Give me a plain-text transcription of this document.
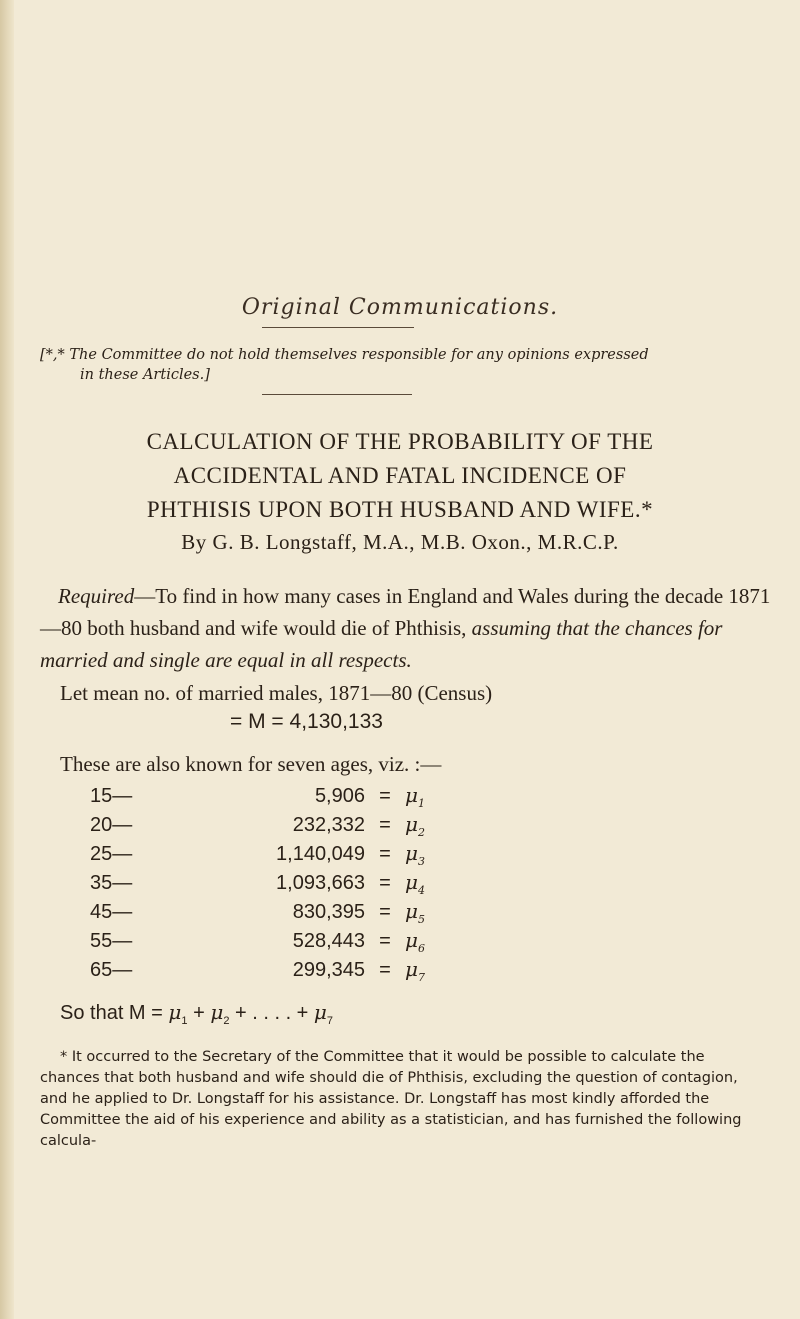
Original Communications.
[*,* The Committee do not hold themselves responsible for any opinions expressed
in these Articles.]
CALCULATION OF THE PROBABILITY OF THE
ACCIDENTAL AND FATAL INCIDENCE OF
PHTHISIS UPON BOTH HUSBAND AND WIFE.*
By G. B. Longstaff, M.A., M.B. Oxon., M.R.C.P.
Required—To find in how many cases in England and Wales during the decade 1871—80 both husband and wife would die of Phthisis, assuming that the chances for married and single are equal in all respects.
Let mean no. of married males, 1871—80 (Census)
= M = 4,130,133
These are also known for seven ages, viz. :—
15—	5,906	=	$\mu_1$
20—	232,332	=	$\mu_2$
25—	1,140,049	=	$\mu_3$
35—	1,093,663	=	$\mu_4$
45—	830,395	=	$\mu_5$
55—	528,443	=	$\mu_6$
65—	299,345	=	$\mu_7$
So that $M = \mu_1 + \mu_2$ + . . . . + $\mu_7$
* It occurred to the Secretary of the Committee that it would be possible to calculate the chances that both husband and wife should die of Phthisis, excluding the question of contagion, and he applied to Dr. Longstaff for his assistance. Dr. Longstaff has most kindly afforded the Committee the aid of his experience and ability as a statistician, and has furnished the following calcula-
